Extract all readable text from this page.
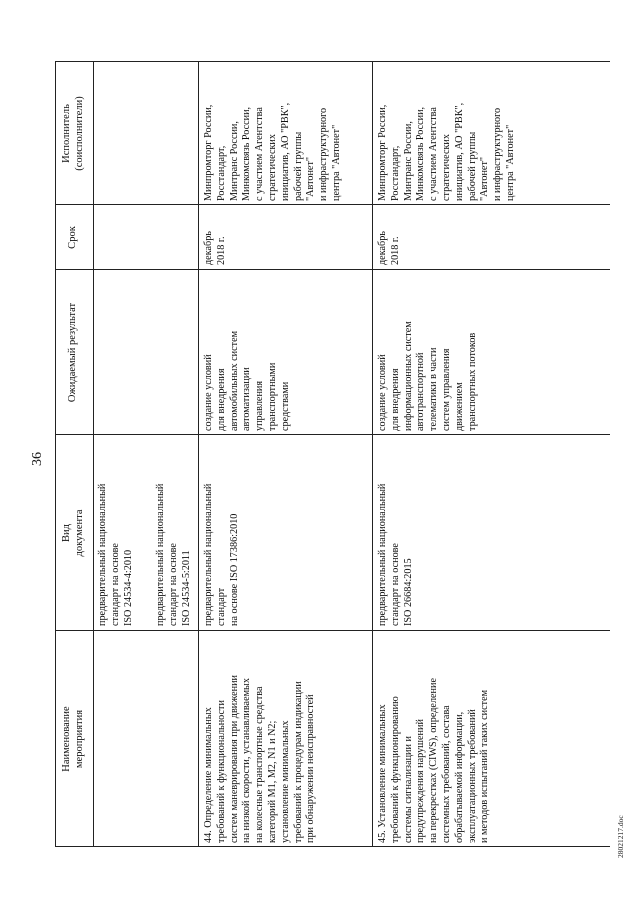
36
Наименование
мероприятия
Вид
документа
Ожидаемый результат
Срок
Исполнитель
(соисполнители)
предварительный национальный
стандарт на основе
ISO 24534-4:2010 предварительный национальный
стандарт на основе
ISO 24534-5:2011
44. Определение минимальных
требований к функциональности
систем маневрирования при движении
на низкой скорости, устанавливаемых
на колесные транспортные средства
категорий M1, M2, N1 и N2;
установление минимальных
требований к процедурам индикации
при обнаружении неисправностей
предварительный национальный
стандарт
на основе ISO 17386:2010
создание условий
для внедрения
автомобильных систем
автоматизации
управления
транспортными
средствами
декабрь
2018 г.
Минпромторг России,
Росстандарт,
Минтранс России,
Минкомсвязь России,
с участием Агентства
стратегических
инициатив, АО "РВК",
рабочей группы
"Автонет"
и инфраструктурного
центра "Автонет"
45. Установление минимальных
требований к функционированию
системы сигнализации и
предупреждения нарушений
на перекрестках (CIWS), определение
системных требований, состава
обрабатываемой информации,
эксплуатационных требований
и методов испытаний таких систем
предварительный национальный
стандарт на основе
ISO 26684:2015
создание условий
для внедрения
информационных систем
автотранспортной
телематики в части
систем управления
движением
транспортных потоков
декабрь
2018 г.
Минпромторг России,
Росстандарт,
Минтранс России,
Минкомсвязь России,
с участием Агентства
стратегических
инициатив, АО "РВК",
рабочей группы
"Автонет"
и инфраструктурного
центра "Автонет"
28021217.doc
